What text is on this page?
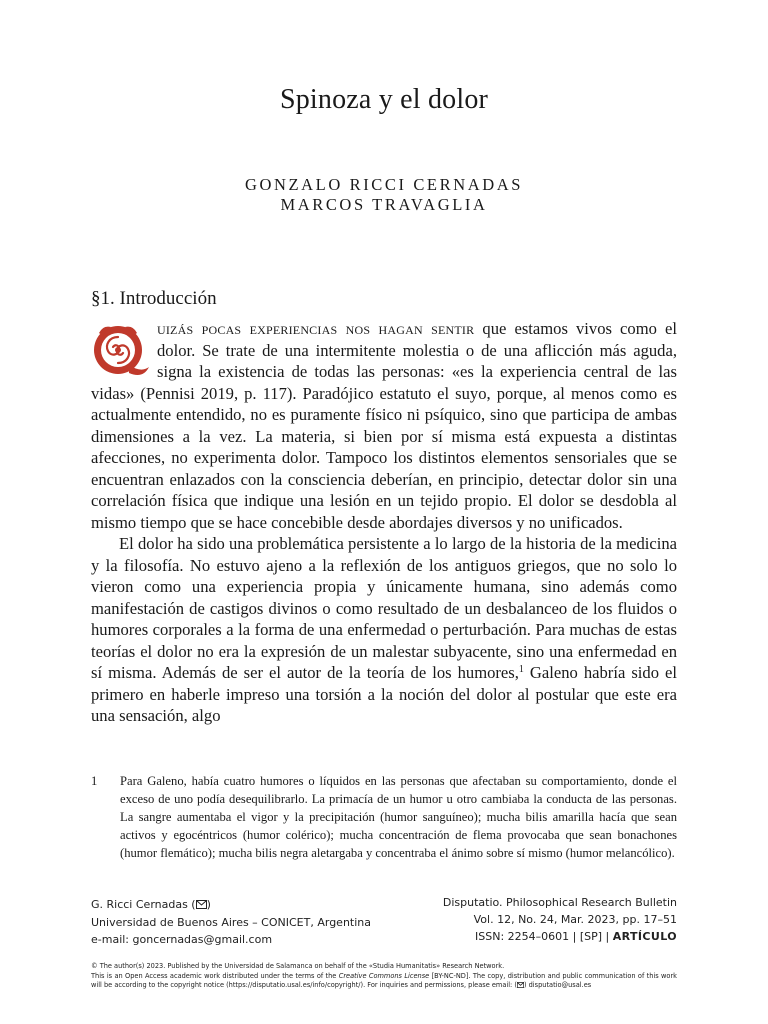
Spinoza y el dolor
GONZALO RICCI CERNADAS
MARCOS TRAVAGLIA
§1. Introducción

uizás pocas experiencias nos hagan sentir que estamos vivos como el dolor. Se trate de una intermitente molestia o de una aflicción más aguda, signa la existencia de todas las personas: «es la experiencia central de las vidas» (Pennisi 2019, p. 117). Paradójico estatuto el suyo, porque, al menos como es actualmente entendido, no es puramente físico ni psíquico, sino que participa de ambas dimensiones a la vez. La materia, si bien por sí misma está expuesta a distintas afecciones, no experimenta dolor. Tampoco los distintos elementos sensoriales que se encuentran enlazados con la consciencia deberían, en principio, detectar dolor sin una correlación física que indique una lesión en un tejido propio. El dolor se desdobla al mismo tiempo que se hace concebible desde abordajes diversos y no unificados.

El dolor ha sido una problemática persistente a lo largo de la historia de la medicina y la filosofía. No estuvo ajeno a la reflexión de los antiguos griegos, que no solo lo vieron como una experiencia propia y únicamente humana, sino además como manifestación de castigos divinos o como resultado de un desbalanceo de los fluidos o humores corporales a la forma de una enfermedad o perturbación. Para muchas de estas teorías el dolor no era la expresión de un malestar subyacente, sino una enfermedad en sí misma. Además de ser el autor de la teoría de los humores,$^1$ Galeno habría sido el primero en haberle impreso una torsión a la noción del dolor al postular que este era una sensación, algo

1 Para Galeno, había cuatro humores o líquidos en las personas que afectaban su comportamiento, donde el exceso de uno podía desequilibrarlo. La primacía de un humor u otro cambiaba la conducta de las personas. La sangre aumentaba el vigor y la precipitación (humor sanguíneo); mucha bilis amarilla hacía que sean activos y egocéntricos (humor colérico); mucha concentración de flema provocaba que sean bonachones (humor flemático); mucha bilis negra aletargaba y concentraba el ánimo sobre sí mismo (humor melancólico).
G. Ricci Cernadas ( )
Universidad de Buenos Aires – CONICET, Argentina
e-mail: goncernadas@gmail.com
Disputatio. Philosophical Research Bulletin
Vol. 12, No. 24, Mar. 2023, pp. 17–51
ISSN: 2254–0601 | [SP] | ARTÍCULO
© The author(s) 2023. Published by the Universidad de Salamanca on behalf of the «Studia Humanitatis» Research Network.
This is an Open Access academic work distributed under the terms of the Creative Commons License [BY-NC-ND]. The copy, distribution and public communication of this work will be according to the copyright notice (https://disputatio.usal.es/info/copyright/). For inquiries and permissions, please email: ( ) disputatio@usal.es
